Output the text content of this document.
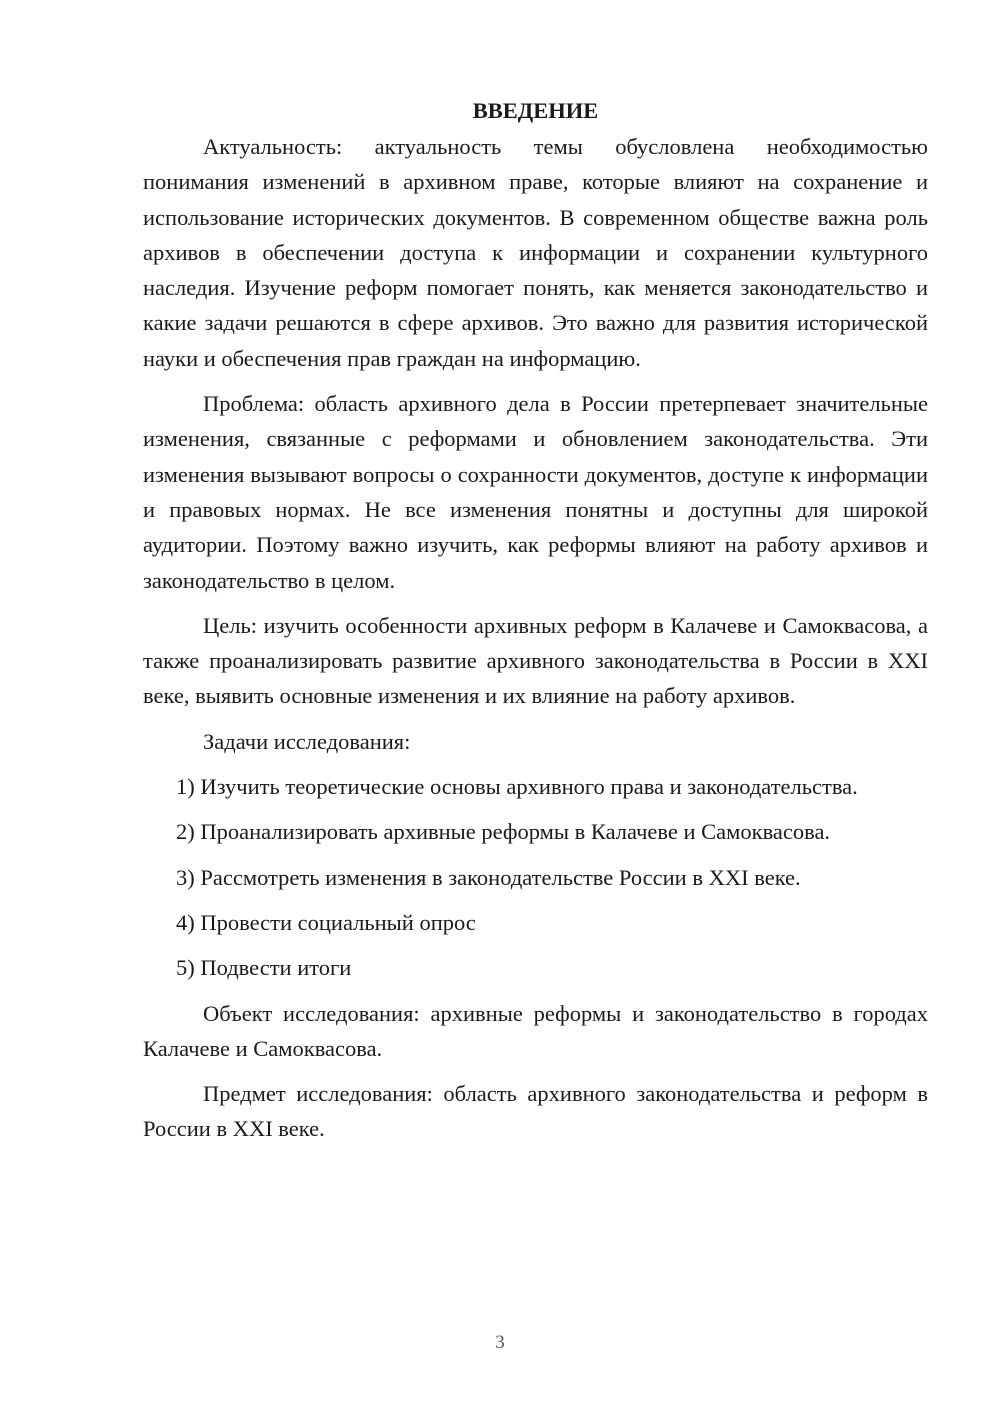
ВВЕДЕНИЕ

Актуальность: актуальность темы обусловлена необходимостью понимания изменений в архивном праве, которые влияют на сохранение и использование исторических документов. В современном обществе важна роль архивов в обеспечении доступа к информации и сохранении культурного наследия. Изучение реформ помогает понять, как меняется законодательство и какие задачи решаются в сфере архивов. Это важно для развития исторической науки и обеспечения прав граждан на информацию.

Проблема: область архивного дела в России претерпевает значительные изменения, связанные с реформами и обновлением законодательства. Эти изменения вызывают вопросы о сохранности документов, доступе к информации и правовых нормах. Не все изменения понятны и доступны для широкой аудитории. Поэтому важно изучить, как реформы влияют на работу архивов и законодательство в целом.

Цель: изучить особенности архивных реформ в Калачеве и Самоквасова, а также проанализировать развитие архивного законодательства в России в XXI веке, выявить основные изменения и их влияние на работу архивов.

Задачи исследования:

1) Изучить теоретические основы архивного права и законодательства.

2) Проанализировать архивные реформы в Калачеве и Самоквасова.

3) Рассмотреть изменения в законодательстве России в XXI веке.

4) Провести социальный опрос

5) Подвести итоги

Объект исследования: архивные реформы и законодательство в городах Калачеве и Самоквасова.

Предмет исследования: область архивного законодательства и реформ в России в XXI веке.

3
